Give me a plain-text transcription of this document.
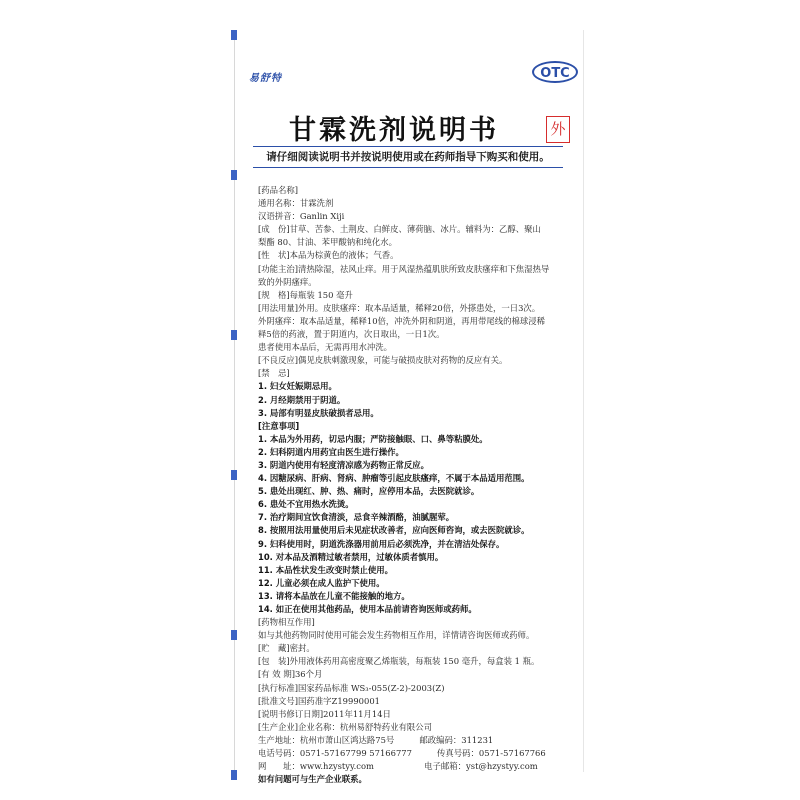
易舒特	OTC
甘霖洗剂说明书	外
请仔细阅读说明书并按说明使用或在药师指导下购买和使用。
[药品名称]
通用名称：甘霖洗剂
汉语拼音：Ganlin Xiji
[成　份]甘草、苦参、土荆皮、白鲜皮、薄荷脑、冰片。辅料为：乙醇、聚山
梨酯 80、甘油、苯甲酸钠和纯化水。
[性　状]本品为棕黄色的液体；气香。
[功能主治]清热除湿，祛风止痒。用于风湿热蕴肌肤所致皮肤瘙痒和下焦湿热导
致的外阴瘙痒。
[规　格]每瓶装 150 毫升
[用法用量]外用。皮肤瘙痒：取本品适量，稀释20倍，外搽患处，一日3次。
外阴瘙痒：取本品适量，稀释10倍，冲洗外阴和阴道，再用带尾线的棉球浸稀
释5倍的药液，置于阴道内，次日取出，一日1次。
患者使用本品后，无需再用水冲洗。
[不良反应]偶见皮肤刺激现象，可能与破损皮肤对药物的反应有关。
[禁　忌]
1. 妇女妊娠期忌用。
2. 月经期禁用于阴道。
3. 局部有明显皮肤破损者忌用。
[注意事项]
1. 本品为外用药，切忌内服；严防接触眼、口、鼻等粘膜处。
2. 妇科阴道内用药宜由医生进行操作。
3. 阴道内使用有轻度清凉感为药物正常反应。
4. 因糖尿病、肝病、肾病、肿瘤等引起皮肤瘙痒，不属于本品适用范围。
5. 患处出现红、肿、热、痛时，应停用本品，去医院就诊。
6. 患处不宜用热水洗烫。
7. 治疗期间宜饮食清淡，忌食辛辣酒酪，油腻腥荤。
8. 按照用法用量使用后未见症状改善者，应向医师咨询，或去医院就诊。
9. 妇科使用时，阴道洗涤器用前用后必须洗净，并在清洁处保存。
10. 对本品及酒精过敏者禁用，过敏体质者慎用。
11. 本品性状发生改变时禁止使用。
12. 儿童必须在成人监护下使用。
13. 请将本品放在儿童不能接触的地方。
14. 如正在使用其他药品，使用本品前请咨询医师或药师。
[药物相互作用]
如与其他药物同时使用可能会发生药物相互作用，详情请咨询医师或药师。
[贮　藏]密封。
[包　装]外用液体药用高密度聚乙烯瓶装，每瓶装 150 毫升，每盒装 1 瓶。
[有 效 期]36个月
[执行标准]国家药品标准 WS₃-055(Z-2)-2003(Z)
[批准文号]国药准字Z19990001
[说明书修订日期]2011年11月14日
[生产企业]企业名称：杭州易舒特药业有限公司
生产地址：杭州市萧山区鸿达路75号　　　邮政编码：311231
电话号码：0571-57167799 57166777　　　传真号码：0571-57167766
网　　址：www.hzystyy.com　　　　　　电子邮箱：yst@hzystyy.com
如有问题可与生产企业联系。
